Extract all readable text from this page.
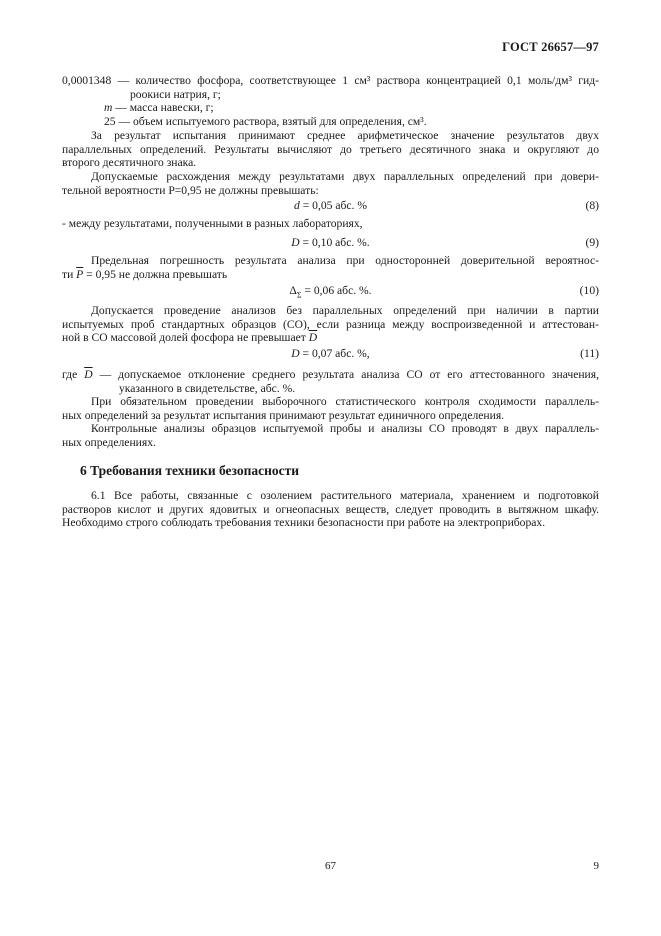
ГОСТ 26657—97
0,0001348 — количество фосфора, соответствующее 1 см³ раствора концентрацией 0,1 моль/дм³ гид-
роокиси натрия, г;
m — масса навески, г;
25 — объем испытуемого раствора, взятый для определения, см³.
За результат испытания принимают среднее арифметическое значение результатов двух
параллельных определений. Результаты вычисляют до третьего десятичного знака и округляют до
второго десятичного знака.
Допускаемые расхождения между результатами двух параллельных определений при довери-
тельной вероятности P=0,95 не должны превышать:
d = 0,05 абс. %	(8)
- между результатами, полученными в разных лабораториях,
D = 0,10 абс. %.	(9)
Предельная погрешность результата анализа при односторонней доверительной вероятнос-
ти $\overline{P} = 0,95$ не должна превышать
$\Delta_\Sigma = 0,06$ абс. %.	(10)
Допускается проведение анализов без параллельных определений при наличии в партии
испытуемых проб стандартных образцов (СО), если разница между воспроизведенной и аттестован-
ной в СО массовой долей фосфора не превышает $\overline{D}$
D = 0,07 абс. %,	(11)
где $\overline{D}$ — допускаемое отклонение среднего результата анализа СО от его аттестованного значения,
указанного в свидетельстве, абс. %.
При обязательном проведении выборочного статистического контроля сходимости параллель-
ных определений за результат испытания принимают результат единичного определения.
Контрольные анализы образцов испытуемой пробы и анализы СО проводят в двух параллель-
ных определениях.
6 Требования техники безопасности
6.1 Все работы, связанные с озолением растительного материала, хранением и подготовкой
растворов кислот и других ядовитых и огнеопасных веществ, следует проводить в вытяжном шкафу.
Необходимо строго соблюдать требования техники безопасности при работе на электроприборах.
67	9
